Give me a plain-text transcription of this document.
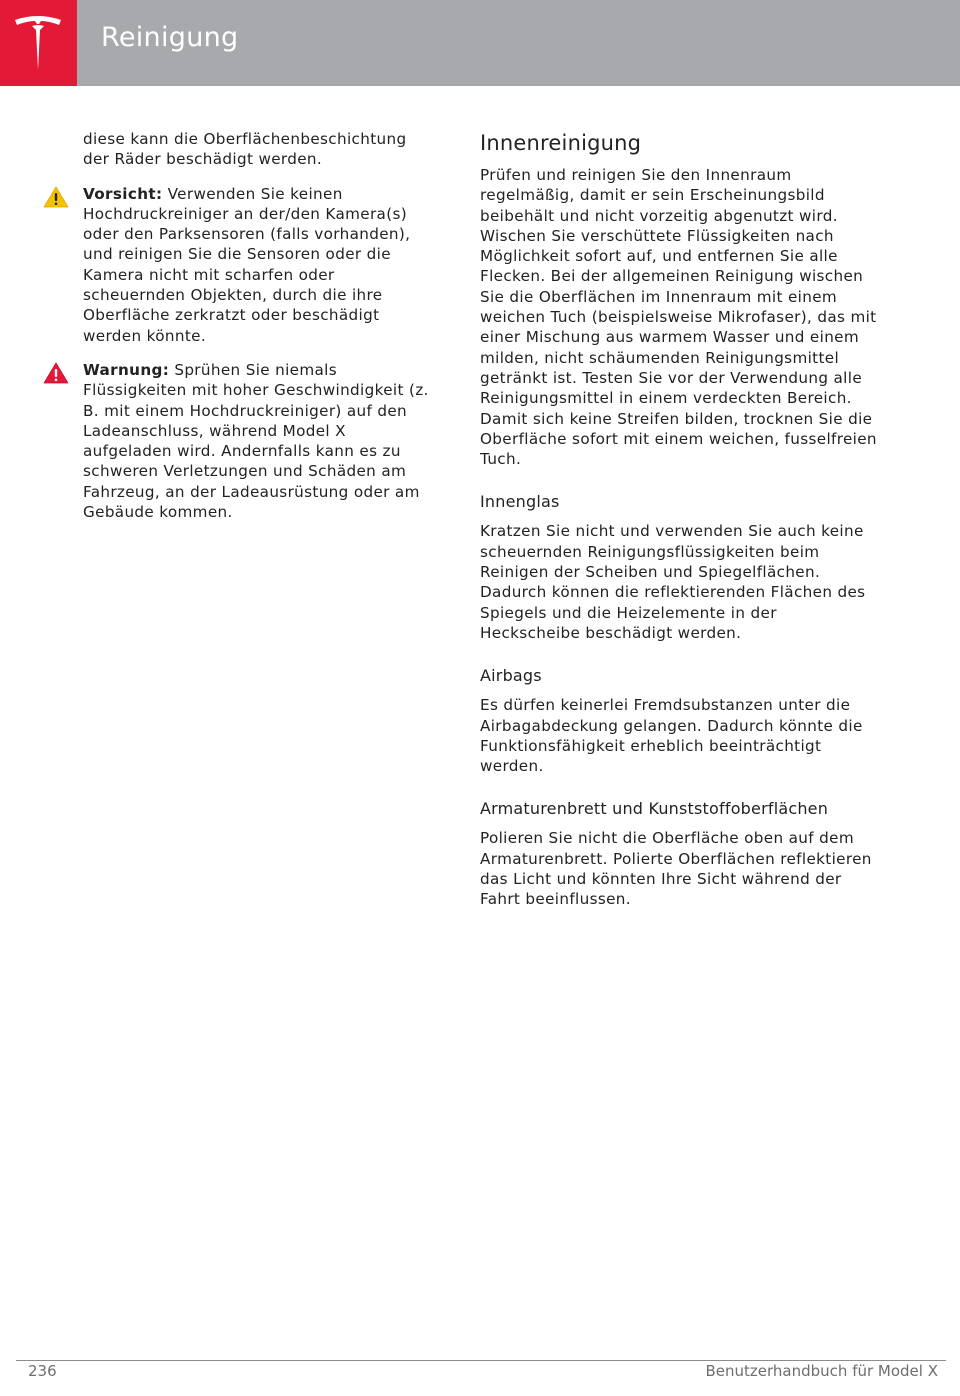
Reinigung

diese kann die Oberflächenbeschichtung der Räder beschädigt werden.

Vorsicht: Verwenden Sie keinen Hochdruckreiniger an der/den Kamera(s) oder den Parksensoren (falls vorhanden), und reinigen Sie die Sensoren oder die Kamera nicht mit scharfen oder scheuernden Objekten, durch die ihre Oberfläche zerkratzt oder beschädigt werden könnte.

Warnung: Sprühen Sie niemals Flüssigkeiten mit hoher Geschwindigkeit (z. B. mit einem Hochdruckreiniger) auf den Ladeanschluss, während Model X aufgeladen wird. Andernfalls kann es zu schweren Verletzungen und Schäden am Fahrzeug, an der Ladeausrüstung oder am Gebäude kommen.

Innenreinigung

Prüfen und reinigen Sie den Innenraum regelmäßig, damit er sein Erscheinungsbild beibehält und nicht vorzeitig abgenutzt wird. Wischen Sie verschüttete Flüssigkeiten nach Möglichkeit sofort auf, und entfernen Sie alle Flecken. Bei der allgemeinen Reinigung wischen Sie die Oberflächen im Innenraum mit einem weichen Tuch (beispielsweise Mikrofaser), das mit einer Mischung aus warmem Wasser und einem milden, nicht schäumenden Reinigungsmittel getränkt ist. Testen Sie vor der Verwendung alle Reinigungsmittel in einem verdeckten Bereich. Damit sich keine Streifen bilden, trocknen Sie die Oberfläche sofort mit einem weichen, fusselfreien Tuch.

Innenglas

Kratzen Sie nicht und verwenden Sie auch keine scheuernden Reinigungsflüssigkeiten beim Reinigen der Scheiben und Spiegelflächen. Dadurch können die reflektierenden Flächen des Spiegels und die Heizelemente in der Heckscheibe beschädigt werden.

Airbags

Es dürfen keinerlei Fremdsubstanzen unter die Airbagabdeckung gelangen. Dadurch könnte die Funktionsfähigkeit erheblich beeinträchtigt werden.

Armaturenbrett und Kunststoffoberflächen

Polieren Sie nicht die Oberfläche oben auf dem Armaturenbrett. Polierte Oberflächen reflektieren das Licht und könnten Ihre Sicht während der Fahrt beeinflussen.

236	Benutzerhandbuch für Model X
